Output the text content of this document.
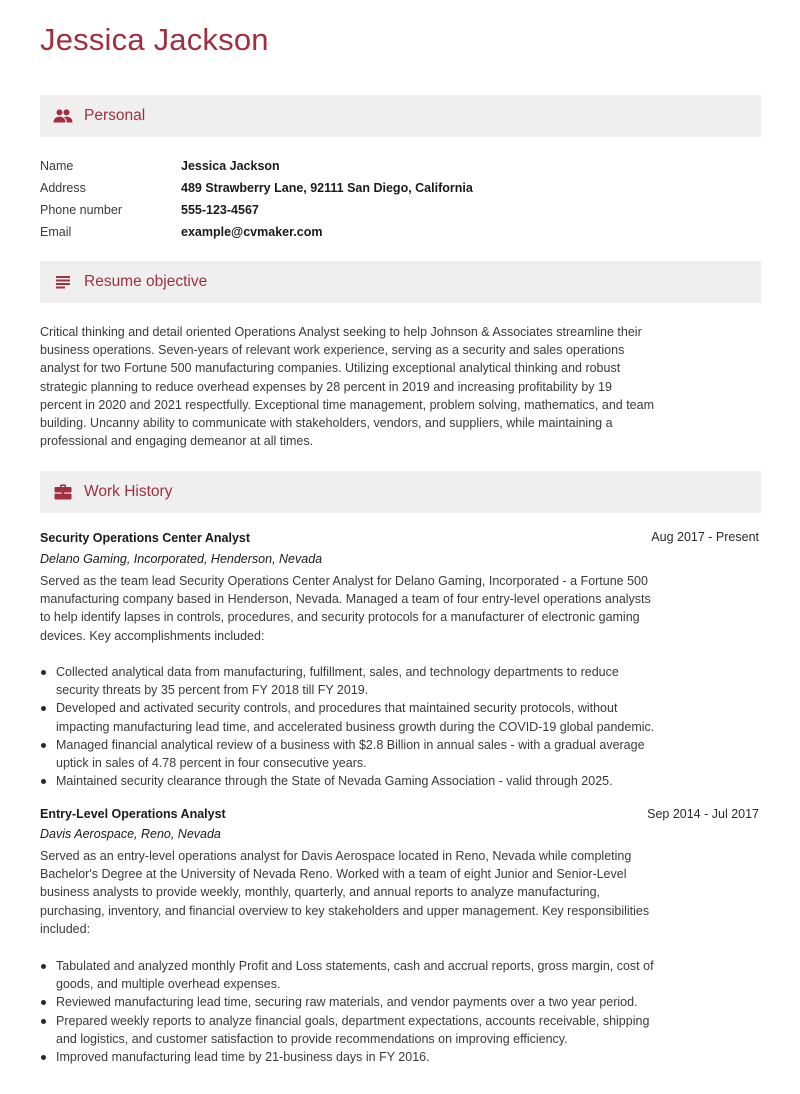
Jessica Jackson
Personal
Name	Jessica Jackson
Address	489 Strawberry Lane, 92111 San Diego, California
Phone number	555-123-4567
Email	example@cvmaker.com
Resume objective

Critical thinking and detail oriented Operations Analyst seeking to help Johnson & Associates streamline their business operations. Seven-years of relevant work experience, serving as a security and sales operations analyst for two Fortune 500 manufacturing companies. Utilizing exceptional analytical thinking and robust strategic planning to reduce overhead expenses by 28 percent in 2019 and increasing profitability by 19 percent in 2020 and 2021 respectfully. Exceptional time management, problem solving, mathematics, and team building. Uncanny ability to communicate with stakeholders, vendors, and suppliers, while maintaining a professional and engaging demeanor at all times.

Work History
Security Operations Center Analyst	Aug 2017 - Present
Delano Gaming, Incorporated, Henderson, Nevada

Served as the team lead Security Operations Center Analyst for Delano Gaming, Incorporated - a Fortune 500 manufacturing company based in Henderson, Nevada. Managed a team of four entry-level operations analysts to help identify lapses in controls, procedures, and security protocols for a manufacturer of electronic gaming devices. Key accomplishments included:

Collected analytical data from manufacturing, fulfillment, sales, and technology departments to reduce security threats by 35 percent from FY 2018 till FY 2019.
Developed and activated security controls, and procedures that maintained security protocols, without impacting manufacturing lead time, and accelerated business growth during the COVID-19 global pandemic.
Managed financial analytical review of a business with $2.8 Billion in annual sales - with a gradual average uptick in sales of 4.78 percent in four consecutive years.
Maintained security clearance through the State of Nevada Gaming Association - valid through 2025.
Entry-Level Operations Analyst	Sep 2014 - Jul 2017
Davis Aerospace, Reno, Nevada

Served as an entry-level operations analyst for Davis Aerospace located in Reno, Nevada while completing Bachelor's Degree at the University of Nevada Reno. Worked with a team of eight Junior and Senior-Level business analysts to provide weekly, monthly, quarterly, and annual reports to analyze manufacturing, purchasing, inventory, and financial overview to key stakeholders and upper management. Key responsibilities included:

Tabulated and analyzed monthly Profit and Loss statements, cash and accrual reports, gross margin, cost of goods, and multiple overhead expenses.
Reviewed manufacturing lead time, securing raw materials, and vendor payments over a two year period.
Prepared weekly reports to analyze financial goals, department expectations, accounts receivable, shipping and logistics, and customer satisfaction to provide recommendations on improving efficiency.
Improved manufacturing lead time by 21-business days in FY 2016.
